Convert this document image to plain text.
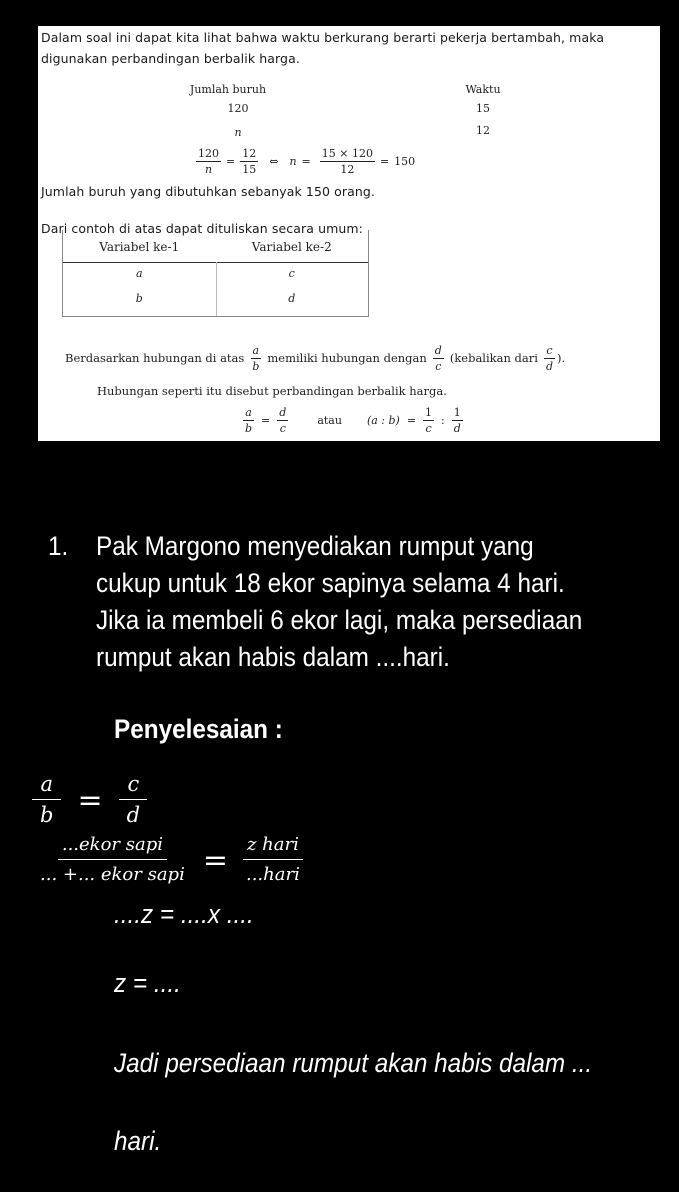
Dalam soal ini dapat kita lihat bahwa waktu berkurang berarti pekerja bertambah, maka
digunakan perbandingan berbalik harga.
Jumlah buruh	Waktu
120	15
n	12
$\frac{120}{n} = \frac{12}{15}$ ⇔ $n = \frac{15 \times 120}{12} = 150$
Jumlah buruh yang dibutuhkan sebanyak 150 orang.
Dari contoh di atas dapat dituliskan secara umum:
Variabel ke-1	Variabel ke-2
a	c
b	d
Berdasarkan hubungan di atas $\frac{a}{b}$ memiliki hubungan dengan $\frac{d}{c}$ (kebalikan dari $\frac{c}{d}$ ).
Hubungan seperti itu disebut perbandingan berbalik harga.
$\frac{a}{b} = \frac{d}{c}$	atau (a : $b) = \frac{1}{c}$ : $\frac{1}{d}$
1. Pak Margono menyediakan rumput yang
cukup untuk 18 ekor sapinya selama 4 hari.
Jika ia membeli 6 ekor lagi, maka persediaan
rumput akan habis dalam ....hari.
Penyelesaian :
$\frac{a}{b} = \frac{c}{d}$
$\frac{\text{...ekor sapi}}{\text{... +... ekor sapi}} = \frac{\text{z hari}}{\text{...hari}}$
....z = ....x ....
z = ....
Jadi persediaan rumput akan habis dalam ...
hari.
